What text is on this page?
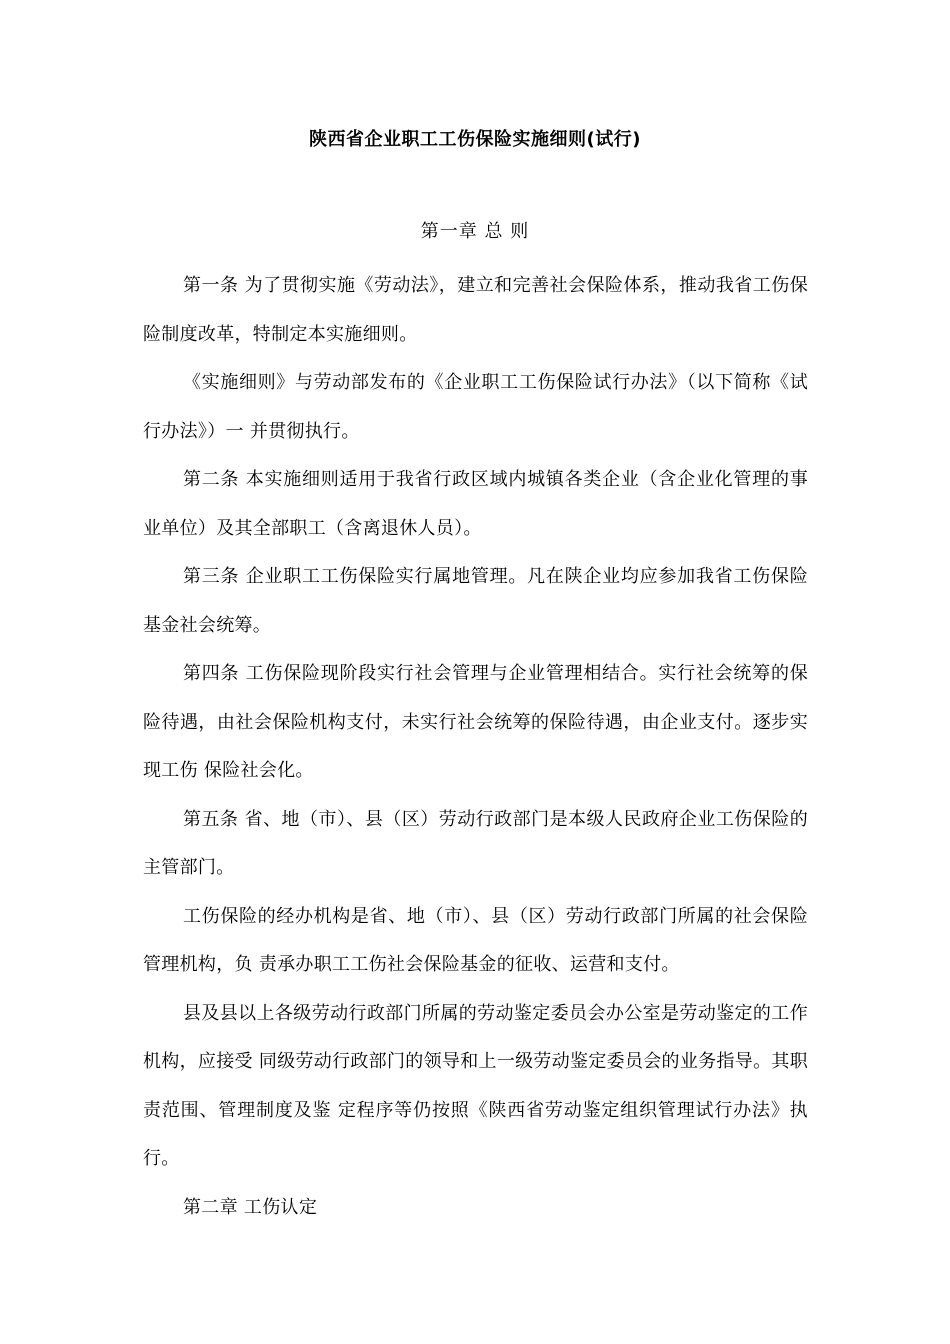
陕西省企业职工工伤保险实施细则(试行)

第一章 总 则

第一条 为了贯彻实施《劳动法》，建立和完善社会保险体系，推动我省工伤保险制度改革，特制定本实施细则。

《实施细则》与劳动部发布的《企业职工工伤保险试行办法》（以下简称《试行办法》）一 并贯彻执行。

第二条 本实施细则适用于我省行政区域内城镇各类企业（含企业化管理的事业单位）及其全部职工（含离退休人员）。

第三条 企业职工工伤保险实行属地管理。凡在陕企业均应参加我省工伤保险基金社会统筹。

第四条 工伤保险现阶段实行社会管理与企业管理相结合。实行社会统筹的保险待遇，由社会保险机构支付，未实行社会统筹的保险待遇，由企业支付。逐步实现工伤 保险社会化。

第五条 省、地（市）、县（区）劳动行政部门是本级人民政府企业工伤保险的主管部门。

工伤保险的经办机构是省、地（市）、县（区）劳动行政部门所属的社会保险管理机构，负 责承办职工工伤社会保险基金的征收、运营和支付。

县及县以上各级劳动行政部门所属的劳动鉴定委员会办公室是劳动鉴定的工作机构，应接受 同级劳动行政部门的领导和上一级劳动鉴定委员会的业务指导。其职责范围、管理制度及鉴 定程序等仍按照《陕西省劳动鉴定组织管理试行办法》执行。

第二章 工伤认定
